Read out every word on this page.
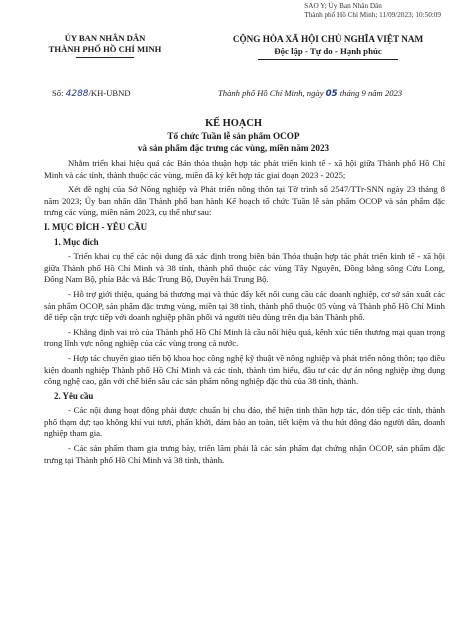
SAO Y; Ủy Ban Nhân Dân
Thành phố Hồ Chí Minh; 11/09/2023; 10:50:09
ỦY BAN NHÂN DÂN
THÀNH PHỐ HỒ CHÍ MINH
CỘNG HÒA XÃ HỘI CHỦ NGHĨA VIỆT NAM
Độc lập - Tự do - Hạnh phúc
Số: 4288/KH-UBND	Thành phố Hồ Chí Minh, ngày 05 tháng 9 năm 2023
KẾ HOẠCH
Tổ chức Tuần lễ sản phẩm OCOP
và sản phẩm đặc trưng các vùng, miền năm 2023

Nhằm triển khai hiệu quả các Bản thỏa thuận hợp tác phát triển kinh tế - xã hội giữa Thành phố Hồ Chí Minh và các tỉnh, thành thuộc các vùng, miền đã ký kết hợp tác giai đoạn 2023 - 2025;

Xét đề nghị của Sở Nông nghiệp và Phát triển nông thôn tại Tờ trình số 2547/TTr-SNN ngày 23 tháng 8 năm 2023; Ủy ban nhân dân Thành phố ban hành Kế hoạch tổ chức Tuần lễ sản phẩm OCOP và sản phẩm đặc trưng các vùng, miền năm 2023, cụ thể như sau:

I. MỤC ĐÍCH - YÊU CẦU

1. Mục đích

- Triển khai cụ thể các nội dung đã xác định trong biên bản Thỏa thuận hợp tác phát triển kinh tế - xã hội giữa Thành phố Hồ Chí Minh và 38 tỉnh, thành phố thuộc các vùng Tây Nguyên, Đồng bằng sông Cửu Long, Đông Nam Bộ, phía Bắc và Bắc Trung Bộ, Duyên hải Trung Bộ.

- Hỗ trợ giới thiệu, quảng bá thương mại và thúc đẩy kết nối cung cầu các doanh nghiệp, cơ sở sản xuất các sản phẩm OCOP, sản phẩm đặc trưng vùng, miền tại 38 tỉnh, thành phố thuộc 05 vùng và Thành phố Hồ Chí Minh để tiếp cận trực tiếp với doanh nghiệp phân phối và người tiêu dùng trên địa bàn Thành phố.

- Khẳng định vai trò của Thành phố Hồ Chí Minh là cầu nối hiệu quả, kênh xúc tiến thương mại quan trọng trong lĩnh vực nông nghiệp của các vùng trong cả nước.

- Hợp tác chuyển giao tiến bộ khoa học công nghệ kỹ thuật về nông nghiệp và phát triển nông thôn; tạo điều kiện doanh nghiệp Thành phố Hồ Chí Minh và các tỉnh, thành tìm hiểu, đầu tư các dự án nông nghiệp ứng dụng công nghệ cao, gắn với chế biến sâu các sản phẩm nông nghiệp đặc thù của 38 tỉnh, thành.

2. Yêu cầu

- Các nội dung hoạt động phải được chuẩn bị chu đáo, thể hiện tinh thần hợp tác, đón tiếp các tỉnh, thành phố thạm dự; tạo không khí vui tươi, phấn khởi, đảm bảo an toàn, tiết kiệm và thu hút đông đảo người dân, doanh nghiệp tham gia.

- Các sản phẩm tham gia trưng bày, triển lãm phải là các sản phẩm đạt chứng nhận OCOP, sản phẩm đặc trưng tại Thành phố Hồ Chí Minh và 38 tỉnh, thành.
